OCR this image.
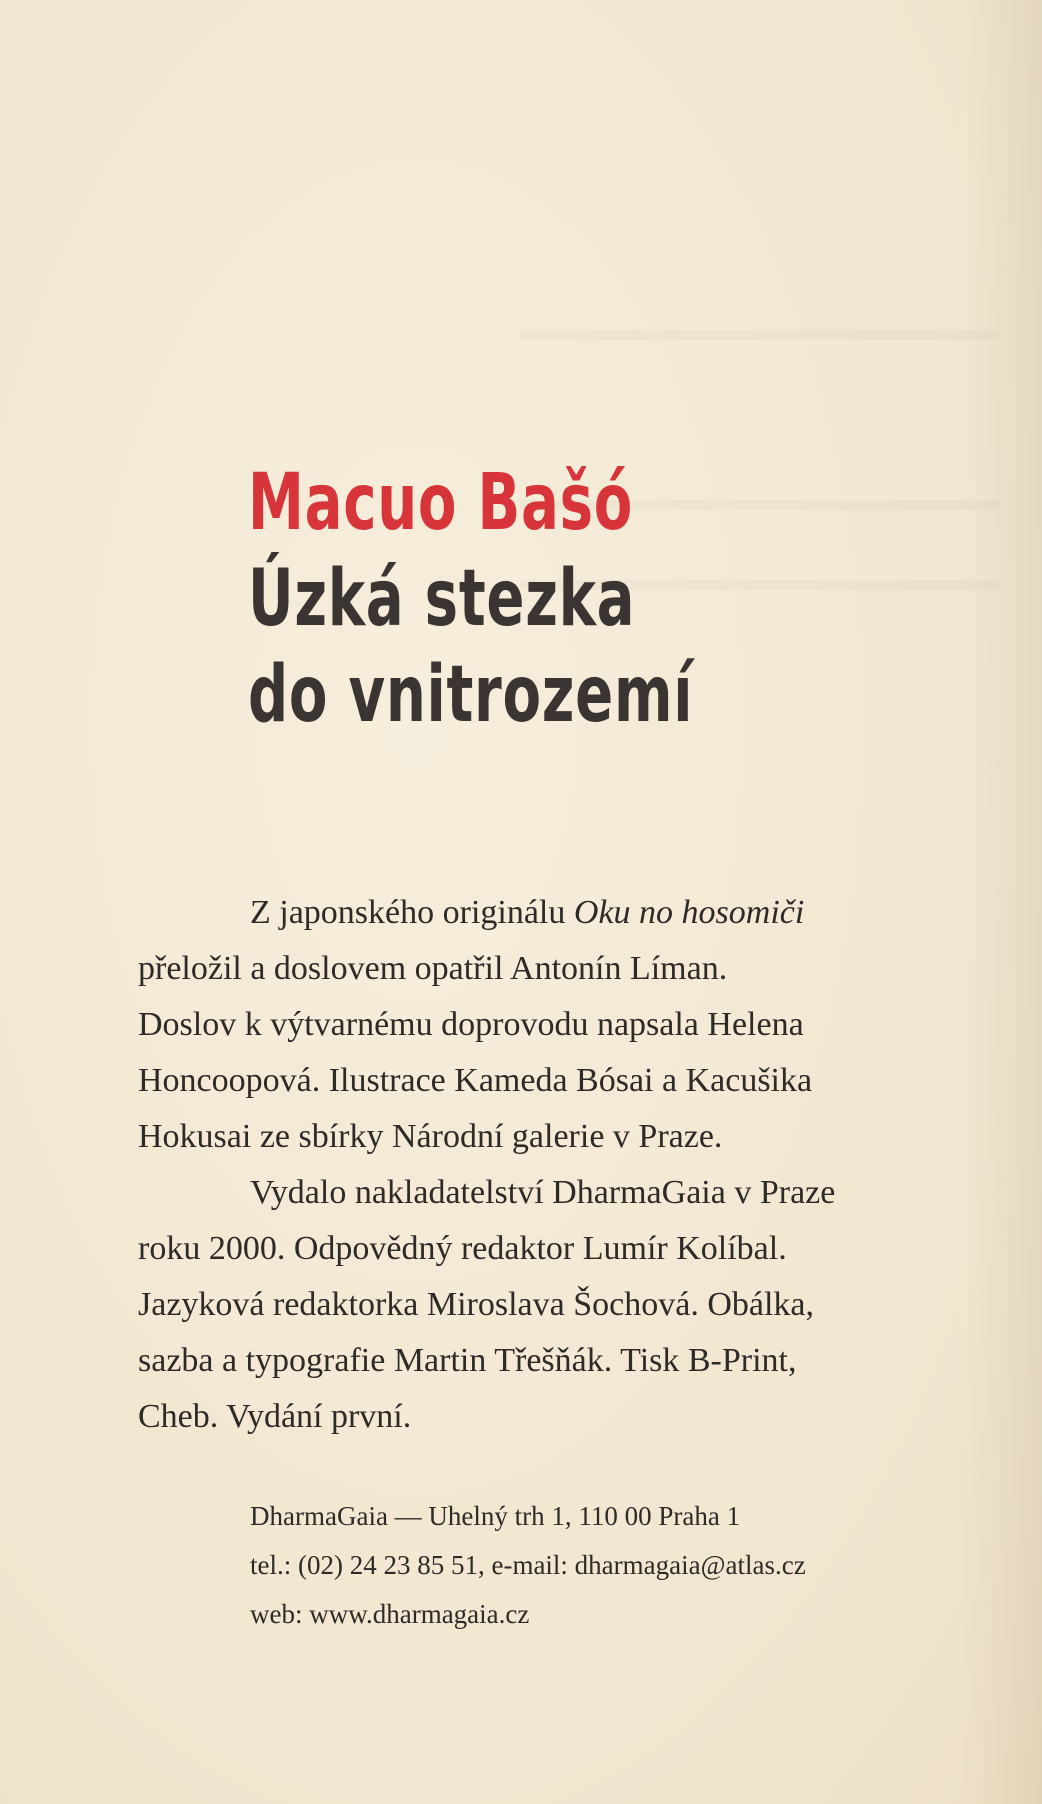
Macuo Bašó
Úzká stezka
do vnitrozemí

Z japonského originálu Oku no hosomiči

přeložil a doslovem opatřil Antonín Líman.

Doslov k výtvarnému doprovodu napsala Helena

Honcoopová. Ilustrace Kameda Bósai a Kacušika

Hokusai ze sbírky Národní galerie v Praze.

Vydalo nakladatelství DharmaGaia v Praze

roku 2000. Odpovědný redaktor Lumír Kolíbal.

Jazyková redaktorka Miroslava Šochová. Obálka,

sazba a typografie Martin Třešňák. Tisk B-Print,

Cheb. Vydání první.

DharmaGaia — Uhelný trh 1, 110 00 Praha 1
tel.: (02) 24 23 85 51, e-mail: dharmagaia@atlas.cz
web: www.dharmagaia.cz
